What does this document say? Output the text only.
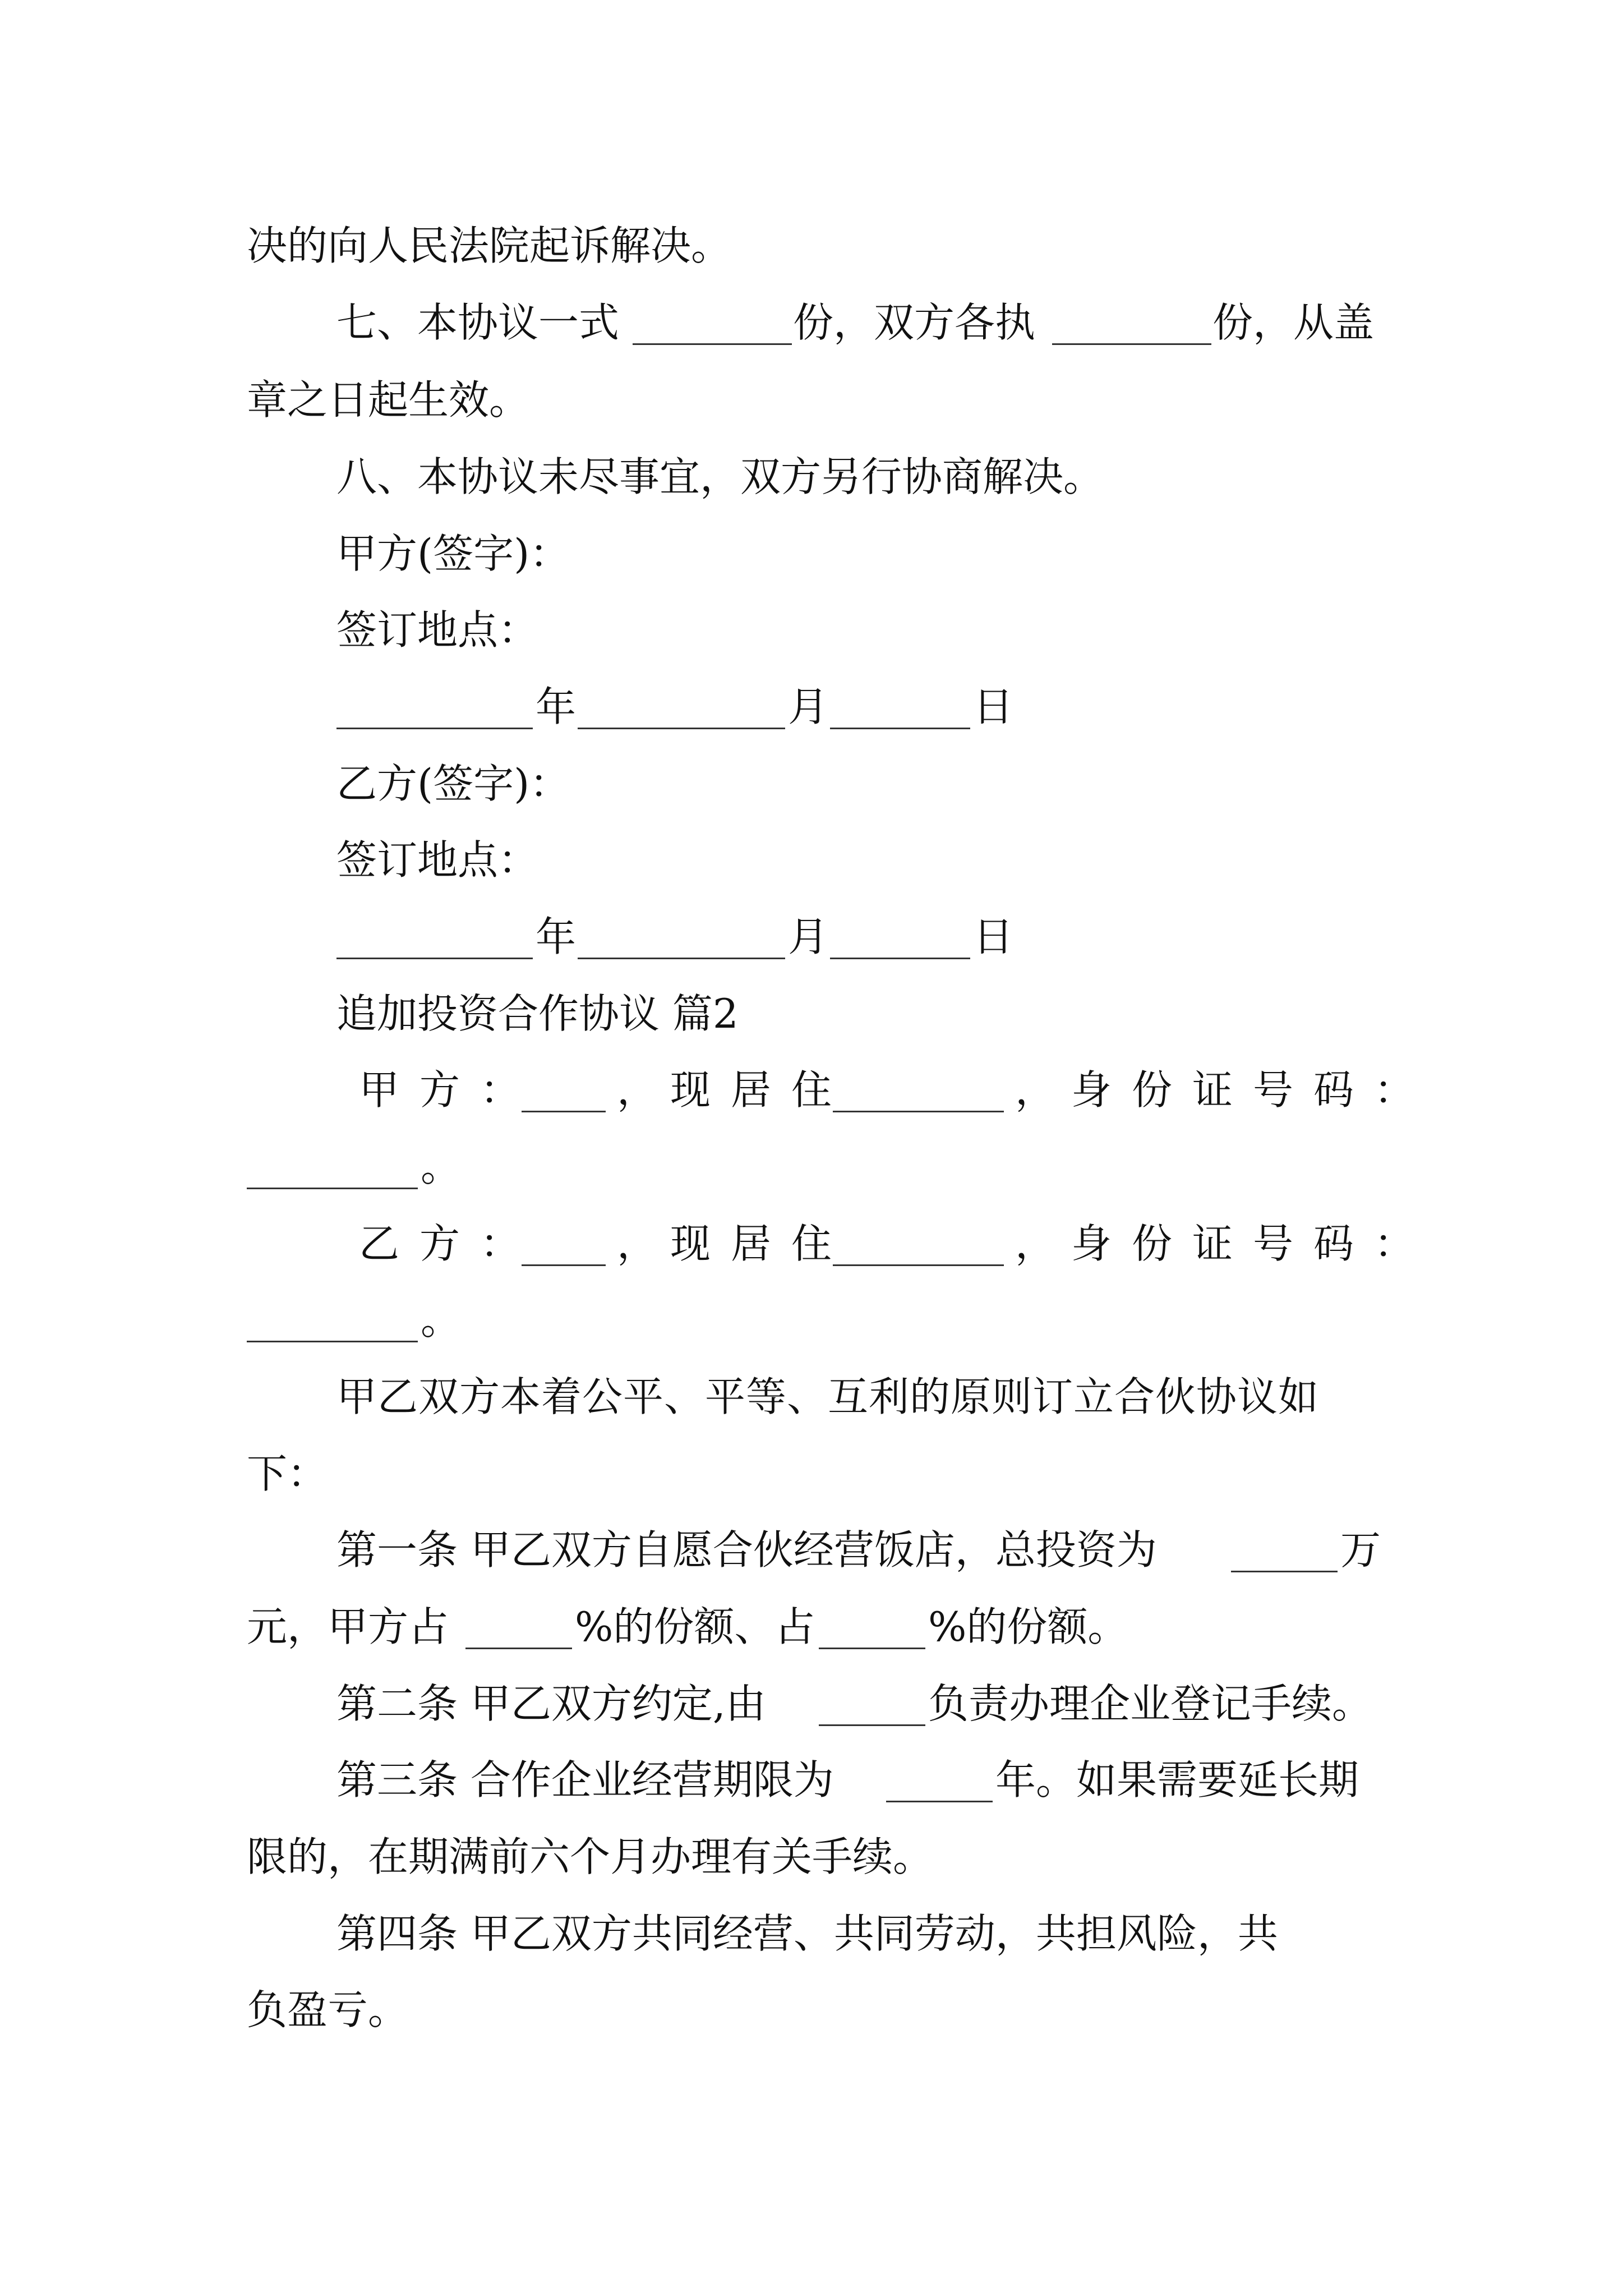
决的向人民法院起诉解决。
七、本协议一式	份，双方各执	份，从盖
章之日起生效。
八、本协议未尽事宜，双方另行协商解决。
甲方(签字)：
签订地点：
年	月	日
乙方(签字)：
签订地点：
年	月	日
追加投资合作协议 篇2
甲方： ， 现居住	， 身份证号码：
。
乙方： ， 现居住	， 身份证号码：
。
甲乙双方本着公平、平等、互利的原则订立合伙协议如
下：
第一条 甲乙双方自愿合伙经营饭店，总投资为	万
元，甲方占	%的份额、占	%的份额。
第二条 甲乙双方约定,由	负责办理企业登记手续。
第三条 合作企业经营期限为	年。如果需要延长期
限的，在期满前六个月办理有关手续。
第四条 甲乙双方共同经营、共同劳动，共担风险，共
负盈亏。
